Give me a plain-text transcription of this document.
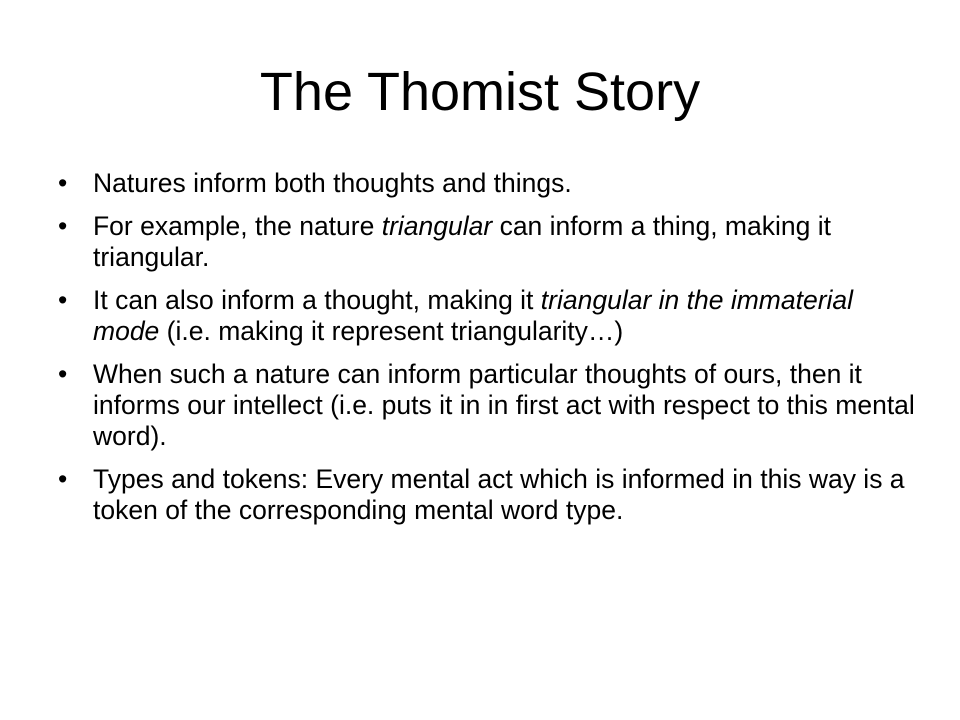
The Thomist Story
• Natures inform both thoughts and things.
• For example, the nature triangular can inform a thing, making it triangular.
• It can also inform a thought, making it triangular in the immaterial mode (i.e. making it represent triangularity…)
• When such a nature can inform particular thoughts of ours, then it informs our intellect (i.e. puts it in in first act with respect to this mental word).
• Types and tokens: Every mental act which is informed in this way is a token of the corresponding mental word type.
